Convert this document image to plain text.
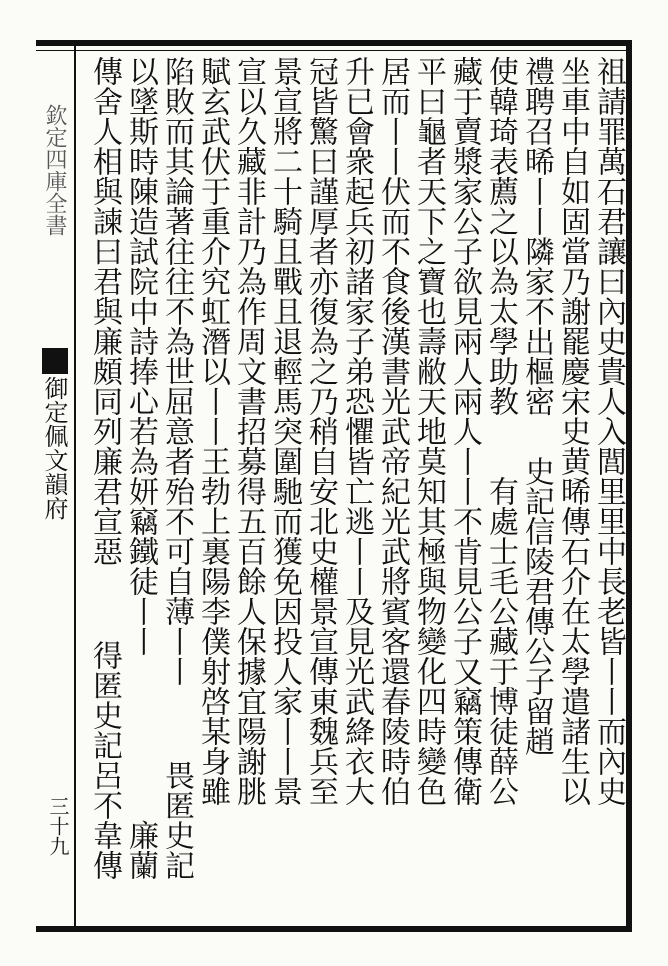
欽定四庫全書
御定佩文韻府
三十九
祖請罪萬石君讓曰內史貴人入閭里里中長老皆丨丨而內史
坐車中自如固當乃謝罷慶宋史黄晞傳石介在太學遣諸生以
禮聘召晞丨丨隣家不出樞密
史記信陵君傳公子留趙
使韓琦表薦之以為太學助教
有處士毛公藏于博徒薛公
藏于賣漿家公子欲見兩人兩人丨丨不肯見公子又竊策傳衛
平曰龜者天下之寶也壽敝天地莫知其極與物變化四時變色
居而丨丨伏而不食後漢書光武帝紀光武將賓客還春陵時伯
升已會衆起兵初諸家子弟恐懼皆亡逃丨丨及見光武絳衣大
冠皆驚曰謹厚者亦復為之乃稍自安北史權景宣傳東魏兵至
景宣將二十騎且戰且退輕馬突圍馳而獲免因投人家丨丨景
宣以久藏非計乃為作周文書招募得五百餘人保據宜陽謝朓
賦玄武伏于重介究虹潛以丨丨王勃上裏陽李僕射啓某身雖
陷敗而其論著往往不為世屈意者殆不可自薄丨丨
畏匿史記
以墜斯時陳造試院中詩捧心若為妍竊鐵徒丨丨
廉蘭
傳舍人相與諫曰君與廉頗同列廉君宣惡
得匿史記呂不韋傳
